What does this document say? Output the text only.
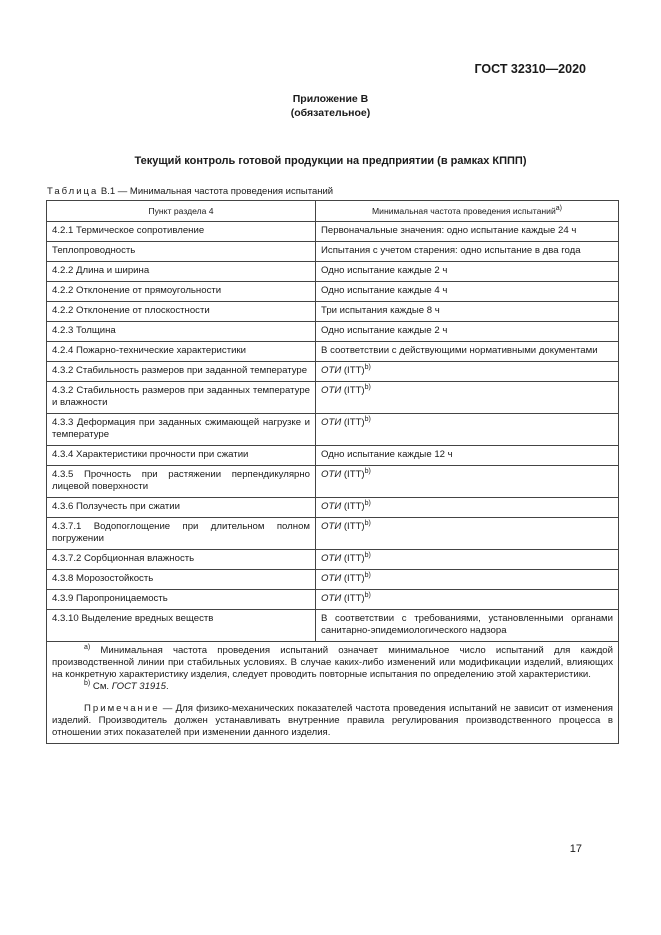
ГОСТ 32310—2020
Приложение В
(обязательное)
Текущий контроль готовой продукции на предприятии (в рамках КППП)
Таблица В.1 — Минимальная частота проведения испытаний
Пункт раздела 4	Минимальная частота проведения испытаний$^{a)}$
4.2.1 Термическое сопротивление	Первоначальные значения: одно испытание каждые 24 ч
Теплопроводность	Испытания с учетом старения: одно испытание в два года
4.2.2 Длина и ширина	Одно испытание каждые 2 ч
4.2.2 Отклонение от прямоугольности	Одно испытание каждые 4 ч
4.2.2 Отклонение от плоскостности	Три испытания каждые 8 ч
4.2.3 Толщина	Одно испытание каждые 2 ч
4.2.4 Пожарно-технические характеристики	В соответствии с действующими нормативными документами
4.3.2 Стабильность размеров при заданной температуре	ОТИ (ITT)$^{b)}$
4.3.2 Стабильность размеров при заданных температуре и влажности	ОТИ (ITT)$^{b)}$
4.3.3 Деформация при заданных сжимающей нагрузке и температуре	ОТИ (ITT)$^{b)}$
4.3.4 Характеристики прочности при сжатии	Одно испытание каждые 12 ч
4.3.5 Прочность при растяжении перпендикулярно лицевой поверхности	ОТИ (ITT)$^{b)}$
4.3.6 Ползучесть при сжатии	ОТИ (ITT)$^{b)}$
4.3.7.1 Водопоглощение при длительном полном погружении	ОТИ (ITT)$^{b)}$
4.3.7.2 Сорбционная влажность	ОТИ (ITT)$^{b)}$
4.3.8 Морозостойкость	ОТИ (ITT)$^{b)}$
4.3.9 Паропроницаемость	ОТИ (ITT)$^{b)}$
4.3.10 Выделение вредных веществ	В соответствии с требованиями, установленными органами санитарно-эпидемиологического надзора

$^{a)}$ Минимальная частота проведения испытаний означает минимальное число испытаний для каждой производственной линии при стабильных условиях. В случае каких-либо изменений или модификации изделий, влияющих на конкретную характеристику изделия, следует проводить повторные испытания по определению этой характеристики.

$^{b)}$ См. ГОСТ 31915.

Примечание — Для физико-механических показателей частота проведения испытаний не зависит от изменения изделий. Производитель должен устанавливать внутренние правила регулирования производственного процесса в отношении этих показателей при изменении данного изделия.	

17
